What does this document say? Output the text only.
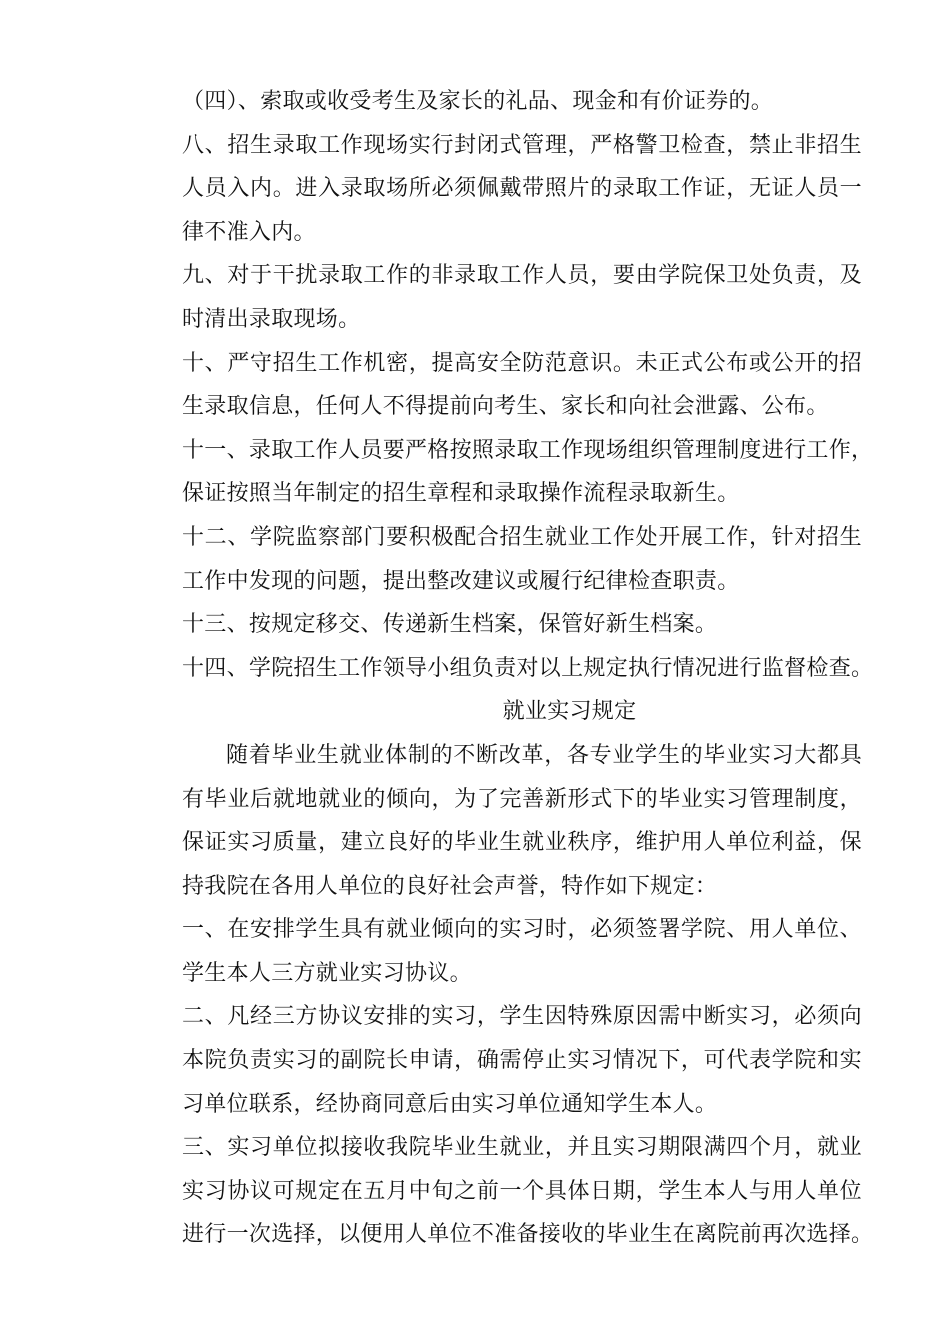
（四）、索取或收受考生及家长的礼品、现金和有价证券的。
八、招生录取工作现场实行封闭式管理，严格警卫检查，禁止非招生
人员入内。进入录取场所必须佩戴带照片的录取工作证，无证人员一
律不准入内。
九、对于干扰录取工作的非录取工作人员，要由学院保卫处负责，及
时清出录取现场。
十、严守招生工作机密，提高安全防范意识。未正式公布或公开的招
生录取信息，任何人不得提前向考生、家长和向社会泄露、公布。
十一、录取工作人员要严格按照录取工作现场组织管理制度进行工作，
保证按照当年制定的招生章程和录取操作流程录取新生。
十二、学院监察部门要积极配合招生就业工作处开展工作，针对招生
工作中发现的问题，提出整改建议或履行纪律检查职责。
十三、按规定移交、传递新生档案，保管好新生档案。
十四、学院招生工作领导小组负责对以上规定执行情况进行监督检查。
就业实习规定
随着毕业生就业体制的不断改革，各专业学生的毕业实习大都具
有毕业后就地就业的倾向，为了完善新形式下的毕业实习管理制度，
保证实习质量，建立良好的毕业生就业秩序，维护用人单位利益，保
持我院在各用人单位的良好社会声誉，特作如下规定：
一、在安排学生具有就业倾向的实习时，必须签署学院、用人单位、
学生本人三方就业实习协议。
二、凡经三方协议安排的实习，学生因特殊原因需中断实习，必须向
本院负责实习的副院长申请，确需停止实习情况下，可代表学院和实
习单位联系，经协商同意后由实习单位通知学生本人。
三、实习单位拟接收我院毕业生就业，并且实习期限满四个月，就业
实习协议可规定在五月中旬之前一个具体日期，学生本人与用人单位
进行一次选择，以便用人单位不准备接收的毕业生在离院前再次选择。
